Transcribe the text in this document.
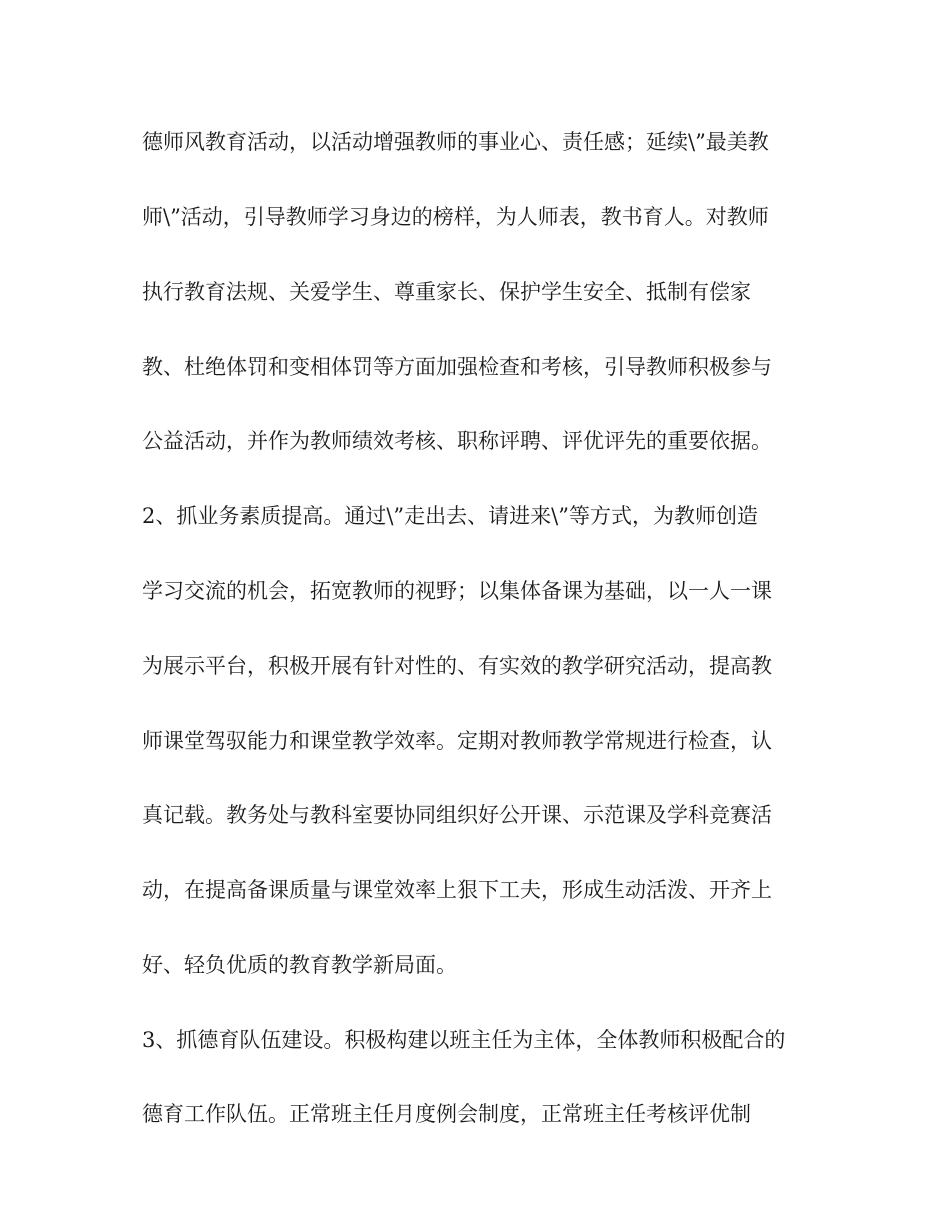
德师风教育活动，以活动增强教师的事业心、责任感；延续\”最美教

师\”活动，引导教师学习身边的榜样，为人师表，教书育人。对教师

执行教育法规、关爱学生、尊重家长、保护学生安全、抵制有偿家

教、杜绝体罚和变相体罚等方面加强检查和考核，引导教师积极参与

公益活动，并作为教师绩效考核、职称评聘、评优评先的重要依据。

2、抓业务素质提高。通过\”走出去、请进来\”等方式，为教师创造

学习交流的机会，拓宽教师的视野；以集体备课为基础，以一人一课

为展示平台，积极开展有针对性的、有实效的教学研究活动，提高教

师课堂驾驭能力和课堂教学效率。定期对教师教学常规进行检查，认

真记载。教务处与教科室要协同组织好公开课、示范课及学科竞赛活

动，在提高备课质量与课堂效率上狠下工夫，形成生动活泼、开齐上

好、轻负优质的教育教学新局面。

3、抓德育队伍建设。积极构建以班主任为主体，全体教师积极配合的

德育工作队伍。正常班主任月度例会制度，正常班主任考核评优制
